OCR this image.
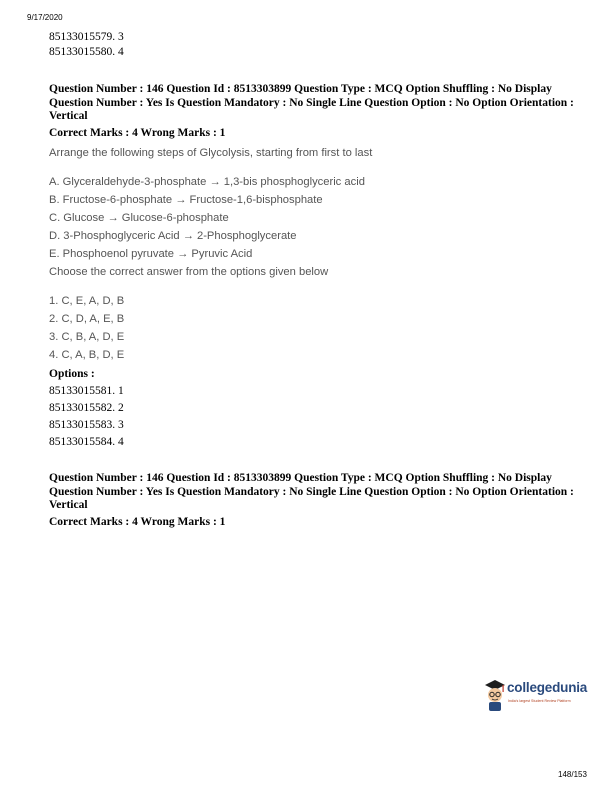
9/17/2020
85133015579. 3
85133015580. 4
Question Number : 146 Question Id : 8513303899 Question Type : MCQ Option Shuffling : No Display Question Number : Yes Is Question Mandatory : No Single Line Question Option : No Option Orientation : Vertical
Correct Marks : 4 Wrong Marks : 1
Arrange the following steps of Glycolysis, starting from first to last
A. Glyceraldehyde-3-phosphate → 1,3-bis phosphoglyceric acid
B. Fructose-6-phosphate → Fructose-1,6-bisphosphate
C. Glucose → Glucose-6-phosphate
D. 3-Phosphoglyceric Acid → 2-Phosphoglycerate
E. Phosphoenol pyruvate → Pyruvic Acid
Choose the correct answer from the options given below
1. C, E, A, D, B
2. C, D, A, E, B
3. C, B, A, D, E
4. C, A, B, D, E
Options :
85133015581. 1
85133015582. 2
85133015583. 3
85133015584. 4
Question Number : 146 Question Id : 8513303899 Question Type : MCQ Option Shuffling : No Display Question Number : Yes Is Question Mandatory : No Single Line Question Option : No Option Orientation : Vertical
Correct Marks : 4 Wrong Marks : 1
collegedunia
India's largest Student Review Platform
148/153
